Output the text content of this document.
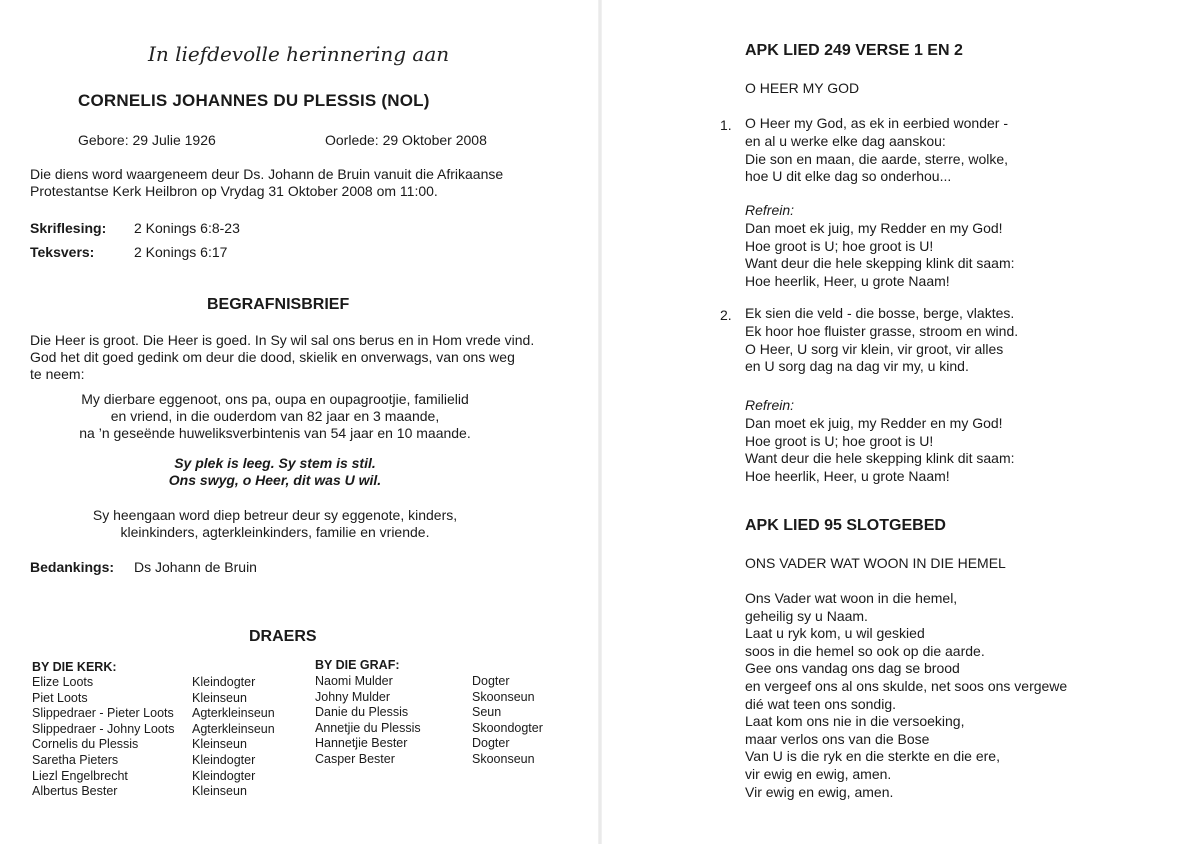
In liefdevolle herinnering aan
CORNELIS JOHANNES DU PLESSIS (NOL)
Gebore: 29 Julie 1926	Oorlede: 29 Oktober 2008
Die diens word waargeneem deur Ds. Johann de Bruin vanuit die Afrikaanse
Protestantse Kerk Heilbron op Vrydag 31 Oktober 2008 om 11:00.
Skriflesing: 2 Konings 6:8-23
Teksvers:	2 Konings 6:17
BEGRAFNISBRIEF
Die Heer is groot. Die Heer is goed. In Sy wil sal ons berus en in Hom vrede vind.
God het dit goed gedink om deur die dood, skielik en onverwags, van ons weg
te neem:
My dierbare eggenoot, ons pa, oupa en oupagrootjie, familielid
en vriend, in die ouderdom van 82 jaar en 3 maande,
na ’n geseënde huweliksverbintenis van 54 jaar en 10 maande.
Sy plek is leeg. Sy stem is stil.
Ons swyg, o Heer, dit was U wil.
Sy heengaan word diep betreur deur sy eggenote, kinders,
kleinkinders, agterkleinkinders, familie en vriende.
Bedankings: Ds Johann de Bruin
DRAERS
BY DIE KERK:
Elize Loots
Piet Loots
Slippedraer - Pieter Loots
Slippedraer - Johny Loots
Cornelis du Plessis
Saretha Pieters
Liezl Engelbrecht
Albertus Bester
Kleindogter
Kleinseun
Agterkleinseun
Agterkleinseun
Kleinseun
Kleindogter
Kleindogter
Kleinseun
BY DIE GRAF:
Naomi Mulder
Johny Mulder
Danie du Plessis
Annetjie du Plessis
Hannetjie Bester
Casper Bester
Dogter
Skoonseun
Seun
Skoondogter
Dogter
Skoonseun
APK LIED 249 VERSE 1 EN 2
O HEER MY GOD
1. O Heer my God, as ek in eerbied wonder -
en al u werke elke dag aanskou:
Die son en maan, die aarde, sterre, wolke,
hoe U dit elke dag so onderhou...
Refrein:
Dan moet ek juig, my Redder en my God!
Hoe groot is U; hoe groot is U!
Want deur die hele skepping klink dit saam:
Hoe heerlik, Heer, u grote Naam!
2. Ek sien die veld - die bosse, berge, vlaktes.
Ek hoor hoe fluister grasse, stroom en wind.
O Heer, U sorg vir klein, vir groot, vir alles
en U sorg dag na dag vir my, u kind.
Refrein:
Dan moet ek juig, my Redder en my God!
Hoe groot is U; hoe groot is U!
Want deur die hele skepping klink dit saam:
Hoe heerlik, Heer, u grote Naam!
APK LIED 95 SLOTGEBED
ONS VADER WAT WOON IN DIE HEMEL
Ons Vader wat woon in die hemel,
geheilig sy u Naam.
Laat u ryk kom, u wil geskied
soos in die hemel so ook op die aarde.
Gee ons vandag ons dag se brood
en vergeef ons al ons skulde, net soos ons vergewe
dié wat teen ons sondig.
Laat kom ons nie in die versoeking,
maar verlos ons van die Bose
Van U is die ryk en die sterkte en die ere,
vir ewig en ewig, amen.
Vir ewig en ewig, amen.
